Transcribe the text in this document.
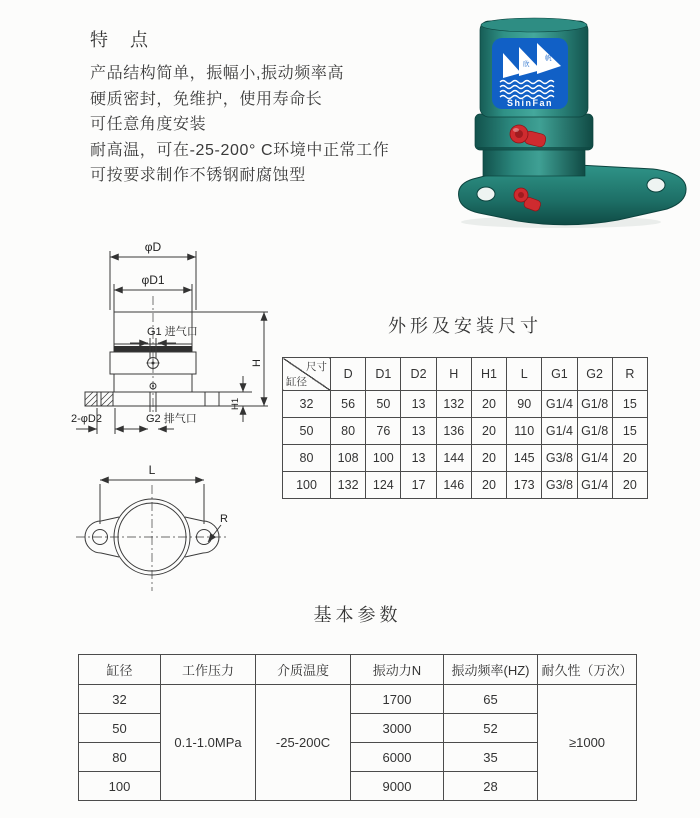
特　点
产品结构简单，振幅小,振动频率高
硬质密封，免维护，使用寿命长
可任意角度安装
耐高温，可在-25-200° C环境中正常工作
可按要求制作不锈钢耐腐蚀型
欣
帆
ShinFan
φD
φD1
G1 进气口
H
H1
2-φD2	G2 排气口
L
R
外形及安装尺寸
尺寸
缸径	D	D1	D2	H	H1	L	G1	G2	R
32	56	50	13	132	20	90	G1/4	G1/8	15
50	80	76	13	136	20	110	G1/4	G1/8	15
80	108	100	13	144	20	145	G3/8	G1/4	20
100	132	124	17	146	20	173	G3/8	G1/4	20
基本参数
缸径	工作压力	介质温度	振动力N	振动频率(HZ)	耐久性（万次）
32	0.1-1.0MPa	-25-200C	1700	65	≥1000
50			3000	52	
80			6000	35	
100			9000	28	
